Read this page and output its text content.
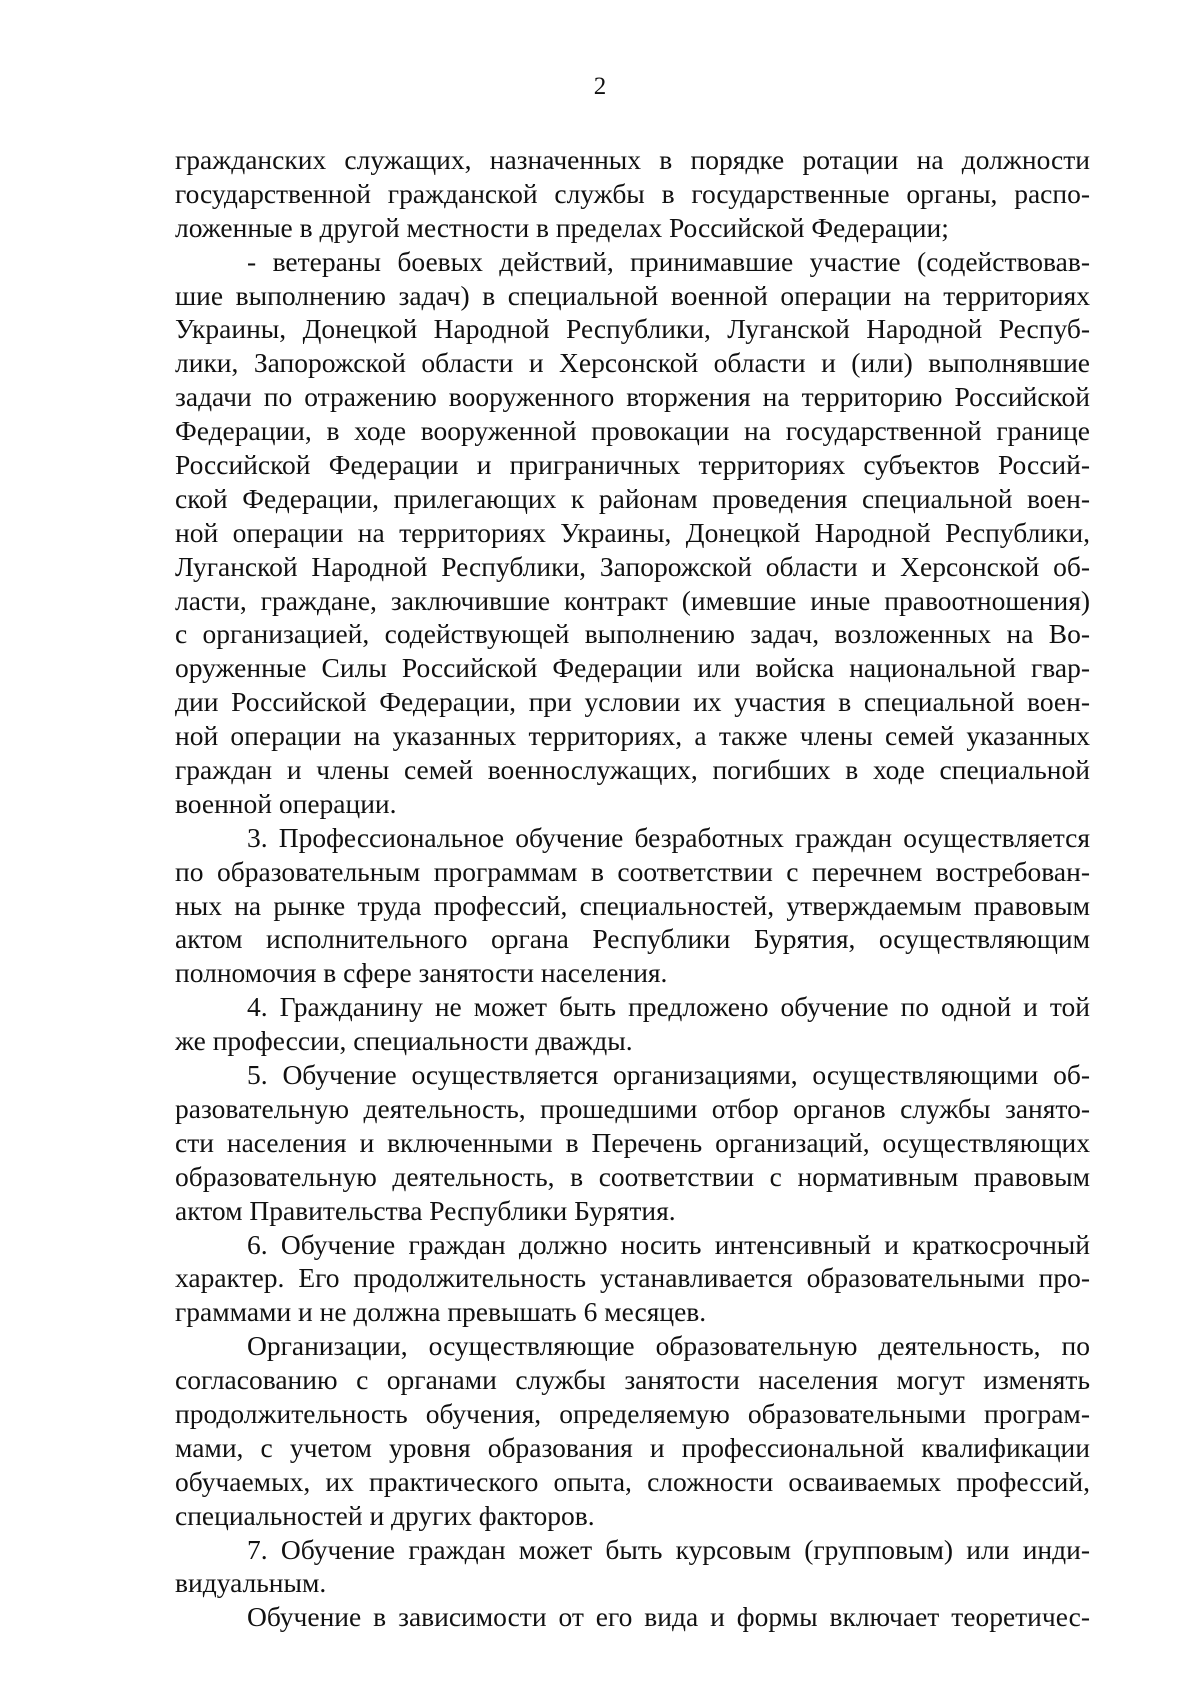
2
гражданских служащих, назначенных в порядке ротации на должности
государственной гражданской службы в государственные органы, распо-
ложенные в другой местности в пределах Российской Федерации;
- ветераны боевых действий, принимавшие участие (содействовав-
шие выполнению задач) в специальной военной операции на территориях
Украины, Донецкой Народной Республики, Луганской Народной Респуб-
лики, Запорожской области и Херсонской области и (или) выполнявшие
задачи по отражению вооруженного вторжения на территорию Российской
Федерации, в ходе вооруженной провокации на государственной границе
Российской Федерации и приграничных территориях субъектов Россий-
ской Федерации, прилегающих к районам проведения специальной воен-
ной операции на территориях Украины, Донецкой Народной Республики,
Луганской Народной Республики, Запорожской области и Херсонской об-
ласти, граждане, заключившие контракт (имевшие иные правоотношения)
с организацией, содействующей выполнению задач, возложенных на Во-
оруженные Силы Российской Федерации или войска национальной гвар-
дии Российской Федерации, при условии их участия в специальной воен-
ной операции на указанных территориях, а также члены семей указанных
граждан и члены семей военнослужащих, погибших в ходе специальной
военной операции.
3. Профессиональное обучение безработных граждан осуществляется
по образовательным программам в соответствии с перечнем востребован-
ных на рынке труда профессий, специальностей, утверждаемым правовым
актом исполнительного органа Республики Бурятия, осуществляющим
полномочия в сфере занятости населения.
4. Гражданину не может быть предложено обучение по одной и той
же профессии, специальности дважды.
5. Обучение осуществляется организациями, осуществляющими об-
разовательную деятельность, прошедшими отбор органов службы занято-
сти населения и включенными в Перечень организаций, осуществляющих
образовательную деятельность, в соответствии с нормативным правовым
актом Правительства Республики Бурятия.
6. Обучение граждан должно носить интенсивный и краткосрочный
характер. Его продолжительность устанавливается образовательными про-
граммами и не должна превышать 6 месяцев.
Организации, осуществляющие образовательную деятельность, по
согласованию с органами службы занятости населения могут изменять
продолжительность обучения, определяемую образовательными програм-
мами, с учетом уровня образования и профессиональной квалификации
обучаемых, их практического опыта, сложности осваиваемых профессий,
специальностей и других факторов.
7. Обучение граждан может быть курсовым (групповым) или инди-
видуальным.
Обучение в зависимости от его вида и формы включает теоретичес-
